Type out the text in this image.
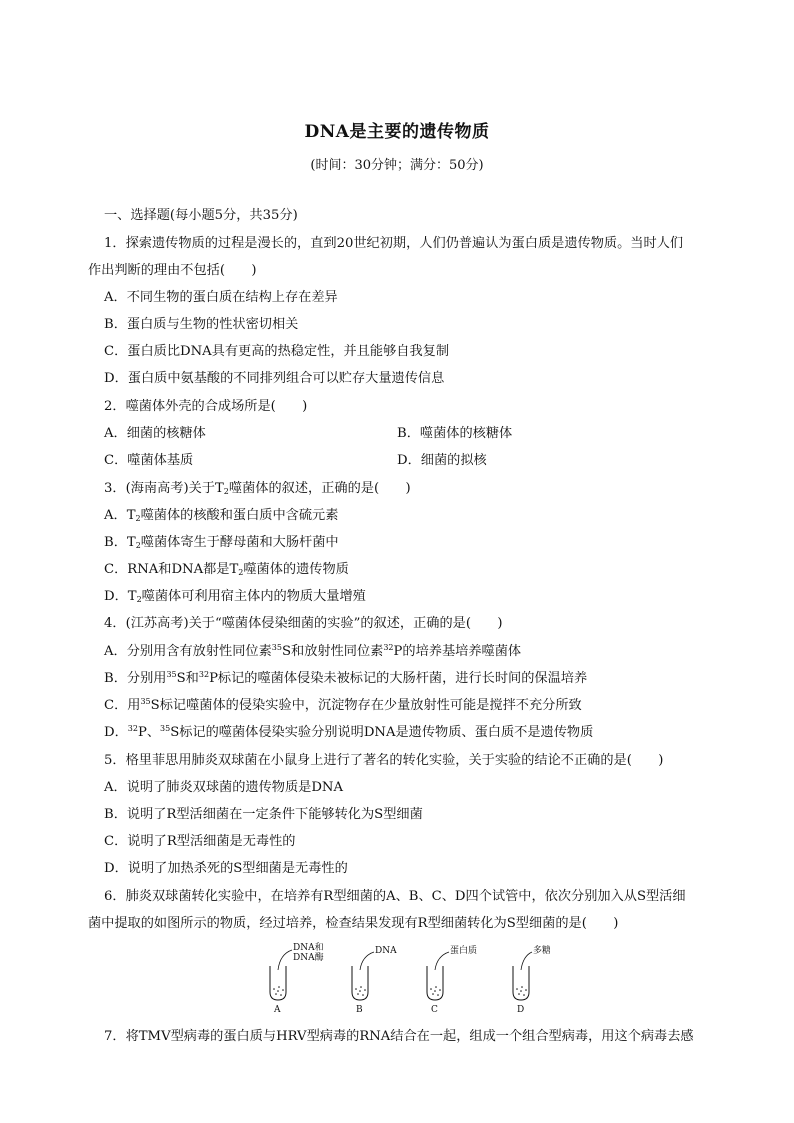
DNA是主要的遗传物质
(时间：30分钟；满分：50分)
一、选择题(每小题5分，共35分)
1．探索遗传物质的过程是漫长的，直到20世纪初期，人们仍普遍认为蛋白质是遗传物质。当时人们
作出判断的理由不包括(　　)
A．不同生物的蛋白质在结构上存在差异
B．蛋白质与生物的性状密切相关
C．蛋白质比DNA具有更高的热稳定性，并且能够自我复制
D．蛋白质中氨基酸的不同排列组合可以贮存大量遗传信息
2．噬菌体外壳的合成场所是(　　)
A．细菌的核糖体	B．噬菌体的核糖体
C．噬菌体基质	D．细菌的拟核
3．(海南高考)关于$T_2$噬菌体的叙述，正确的是(　　)
A．$T_2$噬菌体的核酸和蛋白质中含硫元素
B．$T_2$噬菌体寄生于酵母菌和大肠杆菌中
C．RNA和DNA都是$T_2$噬菌体的遗传物质
D．$T_2$噬菌体可利用宿主体内的物质大量增殖
4．(江苏高考)关于“噬菌体侵染细菌的实验”的叙述，正确的是(　　)
A．分别用含有放射性同位素$^{35}$S和放射性同位素$^{32}$P的培养基培养噬菌体
B．分别用$^{35}$S和$^{32}$P标记的噬菌体侵染未被标记的大肠杆菌，进行长时间的保温培养
C．用$^{35}$S标记噬菌体的侵染实验中，沉淀物存在少量放射性可能是搅拌不充分所致
D．$^{32}$P、$^{35}$S标记的噬菌体侵染实验分别说明DNA是遗传物质、蛋白质不是遗传物质
5．格里菲思用肺炎双球菌在小鼠身上进行了著名的转化实验，关于实验的结论不正确的是(　　)
A．说明了肺炎双球菌的遗传物质是DNA
B．说明了R型活细菌在一定条件下能够转化为S型细菌
C．说明了R型活细菌是无毒性的
D．说明了加热杀死的S型细菌是无毒性的
6．肺炎双球菌转化实验中，在培养有R型细菌的A、B、C、D四个试管中，依次分别加入从S型活细
菌中提取的如图所示的物质，经过培养，检查结果发现有R型细菌转化为S型细菌的是(　　)
DNA和
DNA酶
A
DNA
B
蛋白质
C
多糖
D
7．将TMV型病毒的蛋白质与HRV型病毒的RNA结合在一起，组成一个组合型病毒，用这个病毒去感
